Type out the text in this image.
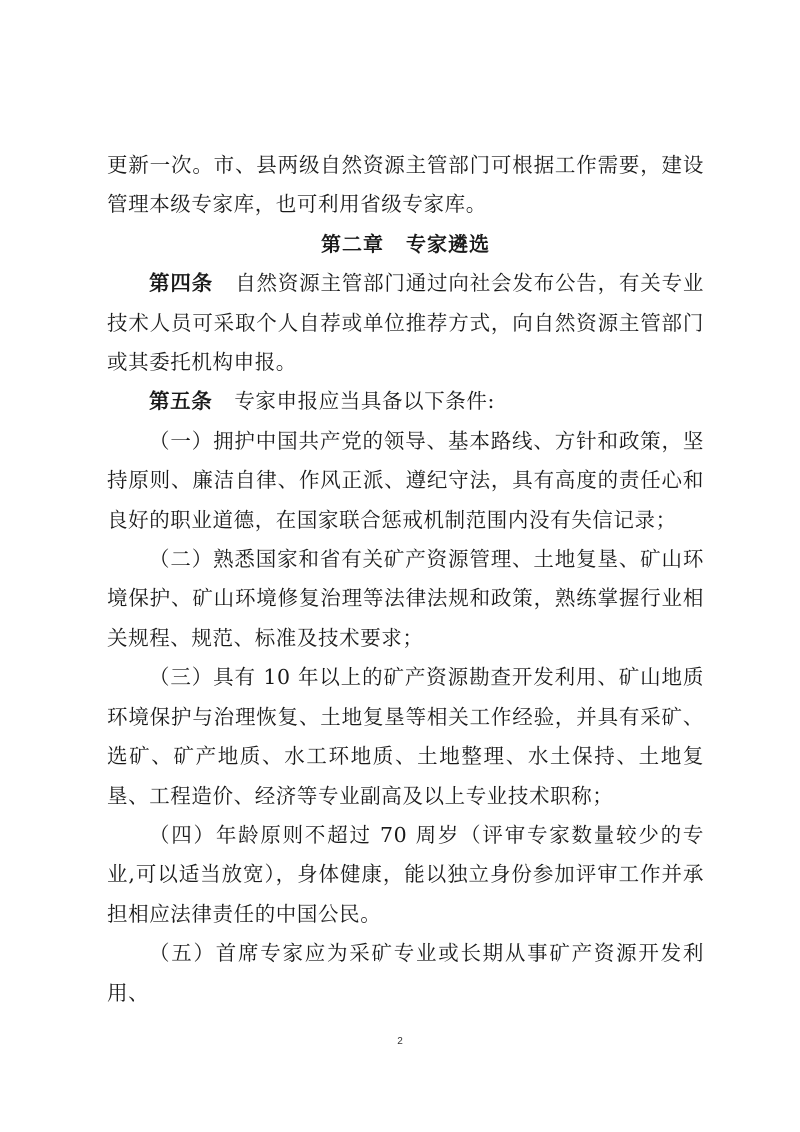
更新一次。市、县两级自然资源主管部门可根据工作需要，建设管理本级专家库，也可利用省级专家库。

第二章 专家遴选

第四条 自然资源主管部门通过向社会发布公告，有关专业技术人员可采取个人自荐或单位推荐方式，向自然资源主管部门或其委托机构申报。

第五条 专家申报应当具备以下条件:

（一）拥护中国共产党的领导、基本路线、方针和政策，坚持原则、廉洁自律、作风正派、遵纪守法，具有高度的责任心和良好的职业道德，在国家联合惩戒机制范围内没有失信记录；

（二）熟悉国家和省有关矿产资源管理、土地复垦、矿山环境保护、矿山环境修复治理等法律法规和政策，熟练掌握行业相关规程、规范、标准及技术要求；

（三）具有 10 年以上的矿产资源勘查开发利用、矿山地质环境保护与治理恢复、土地复垦等相关工作经验，并具有采矿、选矿、矿产地质、水工环地质、土地整理、水土保持、土地复垦、工程造价、经济等专业副高及以上专业技术职称；

（四）年龄原则不超过 70 周岁（评审专家数量较少的专业,可以适当放宽），身体健康，能以独立身份参加评审工作并承担相应法律责任的中国公民。

（五）首席专家应为采矿专业或长期从事矿产资源开发利用、

2
